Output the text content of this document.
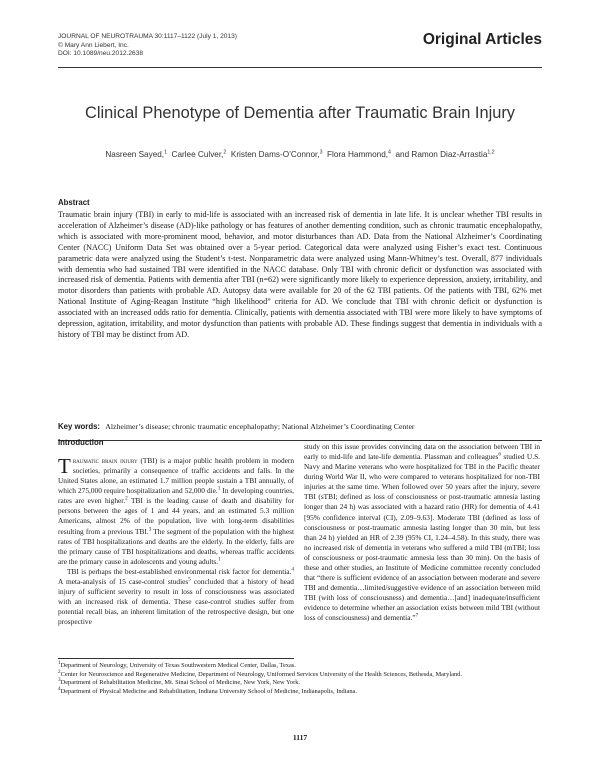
JOURNAL OF NEUROTRAUMA 30:1117–1122 (July 1, 2013)
© Mary Ann Liebert, Inc.
DOI: 10.1089/neu.2012.2638
Original Articles
Clinical Phenotype of Dementia after Traumatic Brain Injury
Nasreen Sayed,$^1$ Carlee Culver,$^2$ Kristen Dams-O’Connor,$^3$ Flora Hammond,$^4$ and Ramon Diaz-Arrastia$^{1,2}$
Abstract

Traumatic brain injury (TBI) in early to mid-life is associated with an increased risk of dementia in late life. It is unclear whether TBI results in acceleration of Alzheimer’s disease (AD)-like pathology or has features of another dementing condition, such as chronic traumatic encephalopathy, which is associated with more-prominent mood, behavior, and motor disturbances than AD. Data from the National Alzheimer’s Coordinating Center (NACC) Uniform Data Set was obtained over a 5-year period. Categorical data were analyzed using Fisher’s exact test. Continuous parametric data were analyzed using the Student’s t-test. Nonparametric data were analyzed using Mann-Whitney’s test. Overall, 877 individuals with dementia who had sustained TBI were identified in the NACC database. Only TBI with chronic deficit or dysfunction was associated with increased risk of dementia. Patients with dementia after TBI (n=62) were significantly more likely to experience depression, anxiety, irritability, and motor disorders than patients with probable AD. Autopsy data were available for 20 of the 62 TBI patients. Of the patients with TBI, 62% met National Institute of Aging-Reagan Institute “high likelihood” criteria for AD. We conclude that TBI with chronic deficit or dysfunction is associated with an increased odds ratio for dementia. Clinically, patients with dementia associated with TBI were more likely to have symptoms of depression, agitation, irritability, and motor dysfunction than patients with probable AD. These findings suggest that dementia in individuals with a history of TBI may be distinct from AD.

Key words: Alzheimer’s disease; chronic traumatic encephalopathy; National Alzheimer’s Coordinating Center
Introduction

Traumatic brain injury (TBI) is a major public health problem in modern societies, primarily a consequence of traffic accidents and falls. In the United States alone, an estimated 1.7 million people sustain a TBI annually, of which 275,000 require hospitalization and 52,000 die.$^1$ In developing countries, rates are even higher.$^2$ TBI is the leading cause of death and disability for persons between the ages of 1 and 44 years, and an estimated 5.3 million Americans, almost 2% of the population, live with long-term disabilities resulting from a previous TBI.$^3$ The segment of the population with the highest rates of TBI hospitalizations and deaths are the elderly. In the elderly, falls are the primary cause of TBI hospitalizations and deaths, whereas traffic accidents are the primary cause in adolescents and young adults.$^1$

TBI is perhaps the best-established environmental risk factor for dementia.$^4$ A meta-analysis of 15 case-control studies$^5$ concluded that a history of head injury of sufficient severity to result in loss of consciousness was associated with an increased risk of dementia. These case-control studies suffer from potential recall bias, an inherent limitation of the retrospective design, but one prospective

study on this issue provides convincing data on the association between TBI in early to mid-life and late-life dementia. Plassman and colleagues$^6$ studied U.S. Navy and Marine veterans who were hospitalized for TBI in the Pacific theater during World War II, who were compared to veterans hospitalized for non-TBI injuries at the same time. When followed over 50 years after the injury, severe TBI (sTBI; defined as loss of consciousness or post-traumatic amnesia lasting longer than 24 h) was associated with a hazard ratio (HR) for dementia of 4.41 [95% confidence interval (CI), 2.09–9.63]. Moderate TBI (defined as loss of consciousness or post-traumatic amnesia lasting longer than 30 min, but less than 24 h) yielded an HR of 2.39 (95% CI, 1.24–4.58). In this study, there was no increased risk of dementia in veterans who suffered a mild TBI (mTBI; loss of consciousness or post-traumatic amnesia less than 30 min). On the basis of these and other studies, an Institute of Medicine committee recently concluded that “there is sufficient evidence of an association between moderate and severe TBI and dementia…limited/suggestive evidence of an association between mild TBI (with loss of consciousness) and dementia…[and] inadequate/insufficient evidence to determine whether an association exists between mild TBI (without loss of consciousness) and dementia.”$^7$

$^1$Department of Neurology, University of Texas Southwestern Medical Center, Dallas, Texas.
$^2$Center for Neuroscience and Regenerative Medicine, Department of Neurology, Uniformed Services University of the Health Sciences, Bethesda, Maryland.
$^3$Department of Rehabilitation Medicine, Mt. Sinai School of Medicine, New York, New York.
$^4$Department of Physical Medicine and Rehabilitation, Indiana University School of Medicine, Indianapolis, Indiana.
1117
